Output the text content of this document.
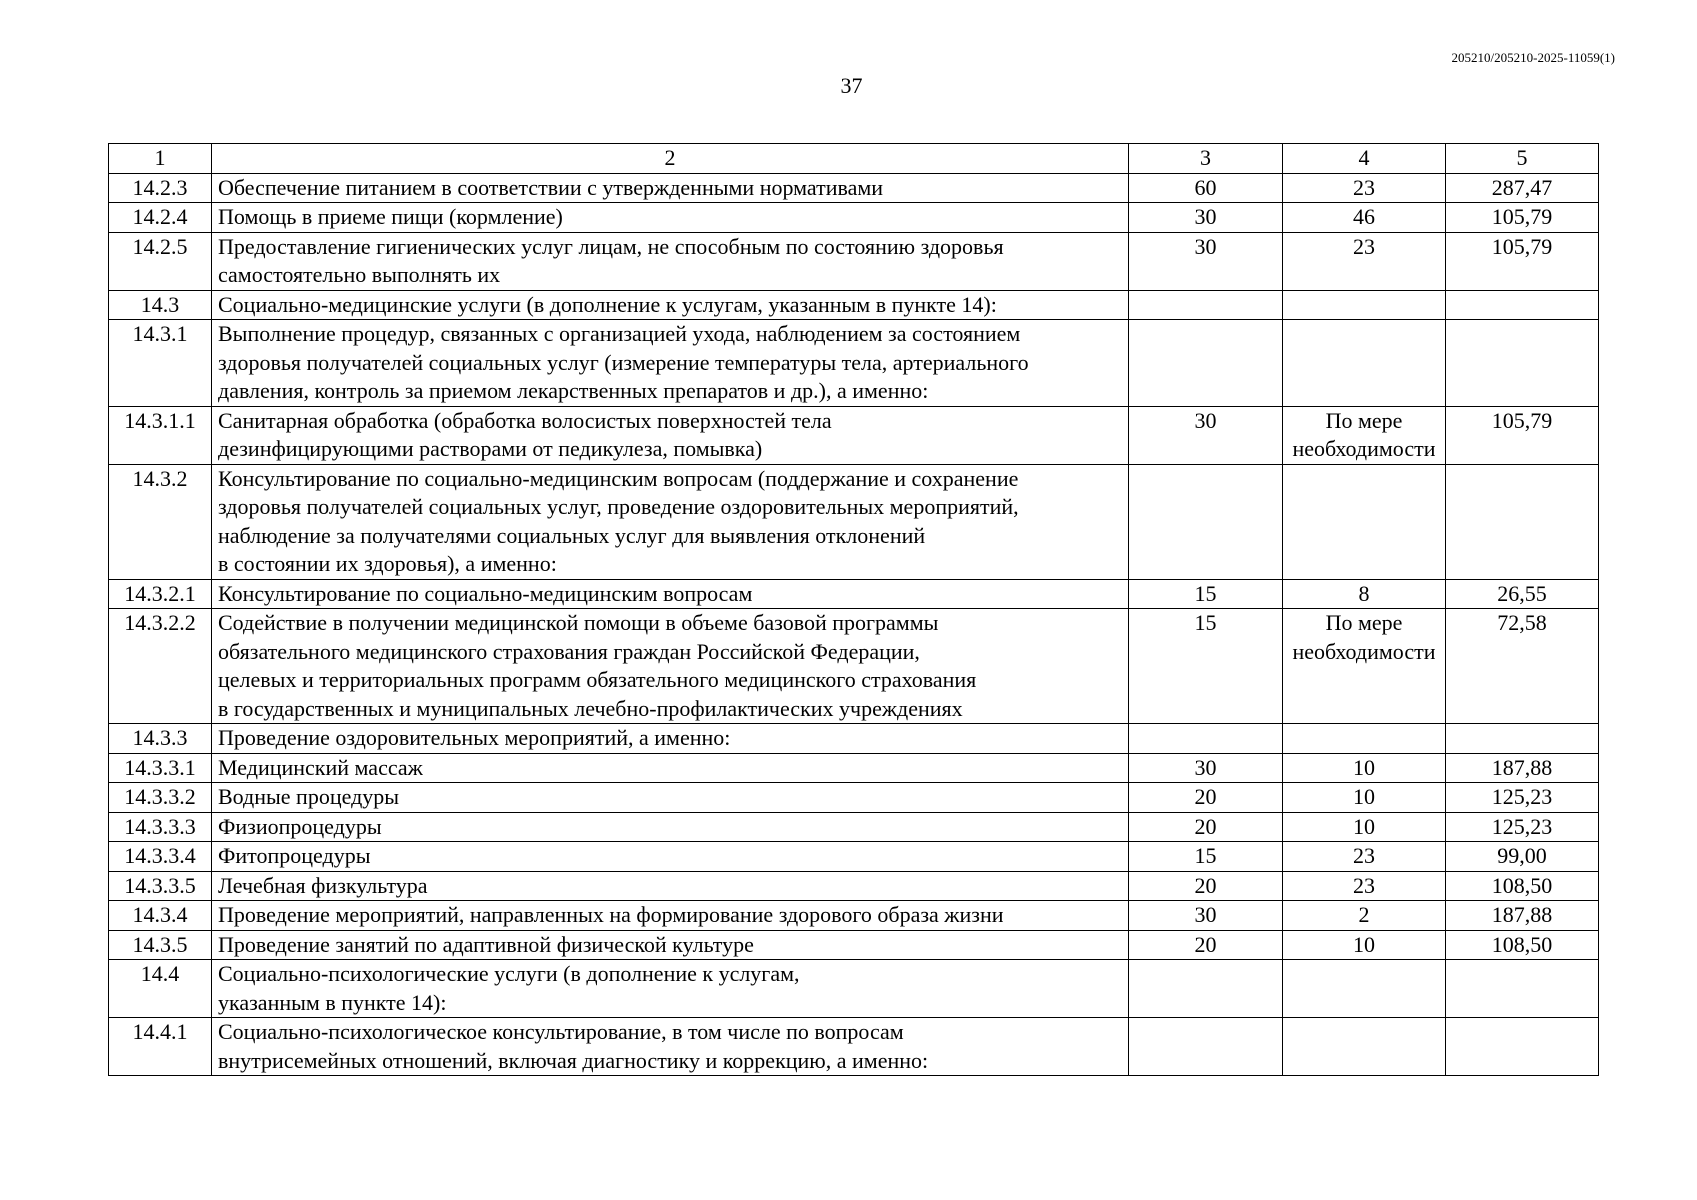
205210/205210-2025-11059(1)
37
1	2	3	4	5
14.2.3	Обеспечение питанием в соответствии с утвержденными нормативами	60	23	287,47
14.2.4	Помощь в приеме пищи (кормление)	30	46	105,79
14.2.5	Предоставление гигиенических услуг лицам, не способным по состоянию здоровья
самостоятельно выполнять их	30	23	105,79
14.3	Социально-медицинские услуги (в дополнение к услугам, указанным в пункте 14):			

14.3.1	Выполнение процедур, связанных с организацией ухода, наблюдением за состоянием
здоровья получателей социальных услуг (измерение температуры тела, артериального
давления, контроль за приемом лекарственных препаратов и др.), а именно:			

14.3.1.1	Санитарная обработка (обработка волосистых поверхностей тела
дезинфицирующими растворами от педикулеза, помывка)	30	По мере
необходимости	105,79
14.3.2	Консультирование по социально-медицинским вопросам (поддержание и сохранение
здоровья получателей социальных услуг, проведение оздоровительных мероприятий,
наблюдение за получателями социальных услуг для выявления отклонений
в состоянии их здоровья), а именно:			

14.3.2.1	Консультирование по социально-медицинским вопросам	15	8	26,55
14.3.2.2	Содействие в получении медицинской помощи в объеме базовой программы
обязательного медицинского страхования граждан Российской Федерации,
целевых и территориальных программ обязательного медицинского страхования
в государственных и муниципальных лечебно-профилактических учреждениях	15	По мере
необходимости	72,58
14.3.3	Проведение оздоровительных мероприятий, а именно:			

14.3.3.1	Медицинский массаж	30	10	187,88
14.3.3.2	Водные процедуры	20	10	125,23
14.3.3.3	Физиопроцедуры	20	10	125,23
14.3.3.4	Фитопроцедуры	15	23	99,00
14.3.3.5	Лечебная физкультура	20	23	108,50
14.3.4	Проведение мероприятий, направленных на формирование здорового образа жизни	30	2	187,88
14.3.5	Проведение занятий по адаптивной физической культуре	20	10	108,50
14.4	Социально-психологические услуги (в дополнение к услугам,
указанным в пункте 14):			

14.4.1	Социально-психологическое консультирование, в том числе по вопросам
внутрисемейных отношений, включая диагностику и коррекцию, а именно:			
